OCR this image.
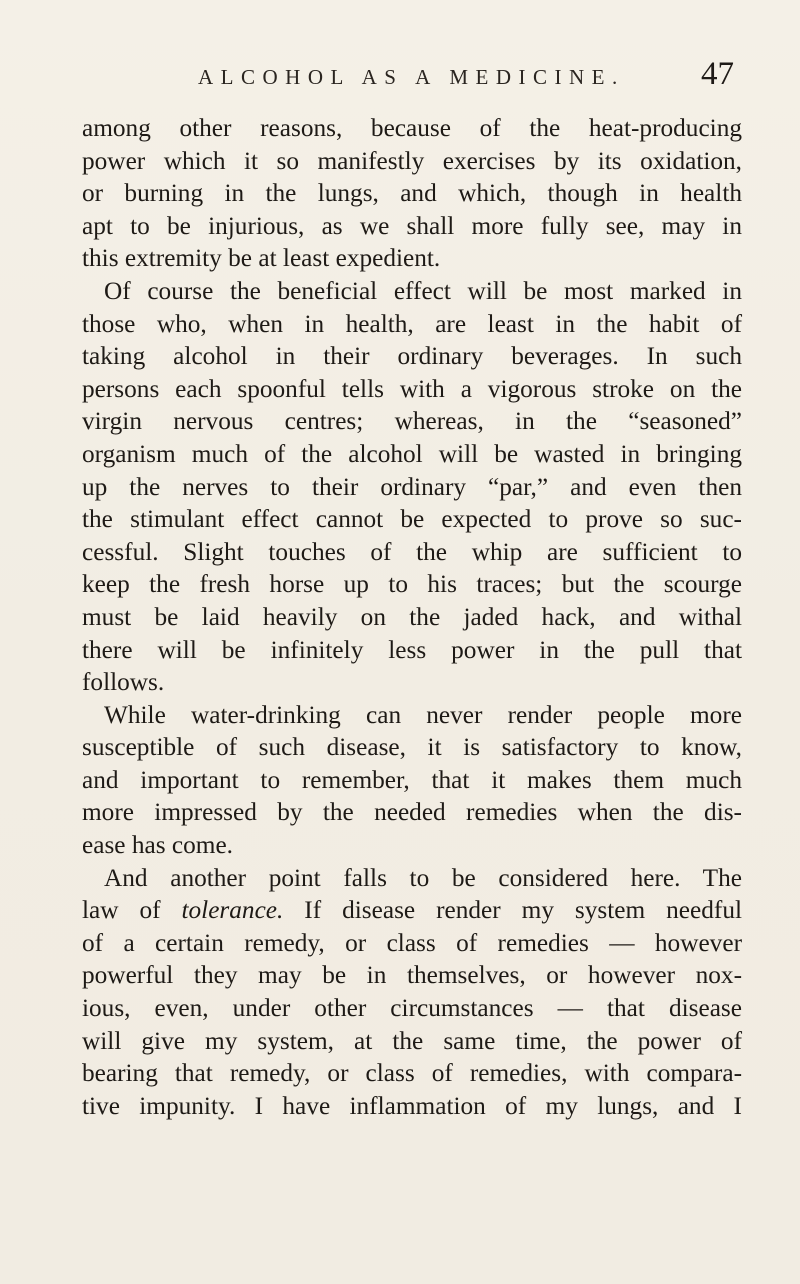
ALCOHOL AS A MEDICINE. 47
among other reasons, because of the heat-producing
power which it so manifestly exercises by its oxidation,
or burning in the lungs, and which, though in health
apt to be injurious, as we shall more fully see, may in
this extremity be at least expedient.
Of course the beneficial effect will be most marked in
those who, when in health, are least in the habit of
taking alcohol in their ordinary beverages. In such
persons each spoonful tells with a vigorous stroke on the
virgin nervous centres; whereas, in the “seasoned”
organism much of the alcohol will be wasted in bringing
up the nerves to their ordinary “par,” and even then
the stimulant effect cannot be expected to prove so suc-
cessful. Slight touches of the whip are sufficient to
keep the fresh horse up to his traces; but the scourge
must be laid heavily on the jaded hack, and withal
there will be infinitely less power in the pull that
follows.
While water-drinking can never render people more
susceptible of such disease, it is satisfactory to know,
and important to remember, that it makes them much
more impressed by the needed remedies when the dis-
ease has come.
And another point falls to be considered here. The
law of tolerance. If disease render my system needful
of a certain remedy, or class of remedies — however
powerful they may be in themselves, or however nox-
ious, even, under other circumstances — that disease
will give my system, at the same time, the power of
bearing that remedy, or class of remedies, with compara-
tive impunity. I have inflammation of my lungs, and I
